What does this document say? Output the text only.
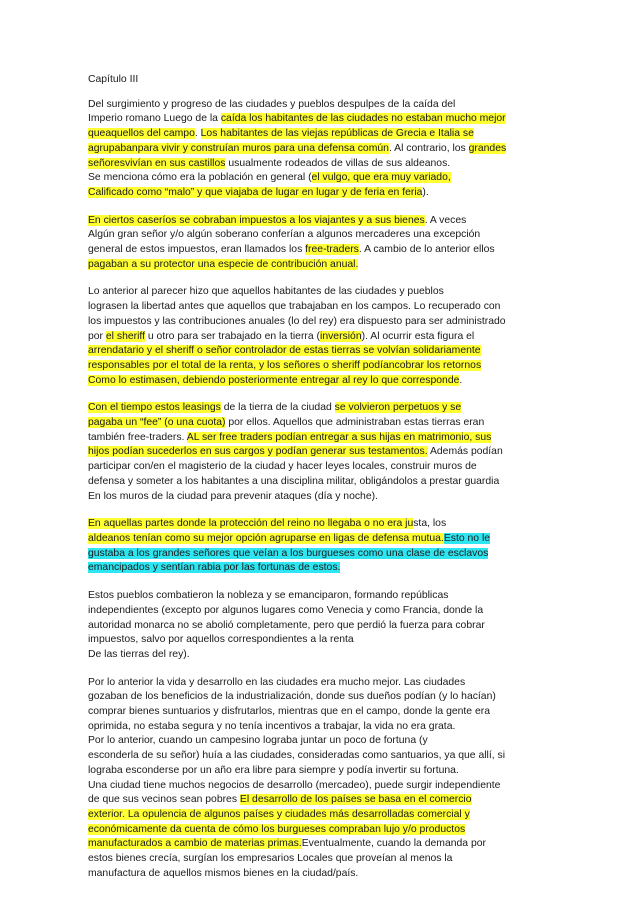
Capítulo III
Del surgimiento y progreso de las ciudades y pueblos despulpes de la caída del
Imperio romano Luego de la caída los habitantes de las ciudades no estaban mucho mejor
queaquellos del campo. Los habitantes de las viejas repúblicas de Grecia e Italia se
agrupabanpara vivir y construían muros para una defensa común. Al contrario, los grandes
señoresvivían en sus castillos usualmente rodeados de villas de sus aldeanos.
Se menciona cómo era la población en general (el vulgo, que era muy variado,
Calificado como “malo” y que viajaba de lugar en lugar y de feria en feria).
En ciertos caseríos se cobraban impuestos a los viajantes y a sus bienes. A veces
Algún gran señor y/o algún soberano conferían a algunos mercaderes una excepción
general de estos impuestos, eran llamados los free-traders. A cambio de lo anterior ellos
pagaban a su protector una especie de contribución anual.
Lo anterior al parecer hizo que aquellos habitantes de las ciudades y pueblos
lograsen la libertad antes que aquellos que trabajaban en los campos. Lo recuperado con
los impuestos y las contribuciones anuales (lo del rey) era dispuesto para ser administrado
por el sheriff u otro para ser trabajado en la tierra (inversión). Al ocurrir esta figura el
arrendatario y el sheriff o señor controlador de estas tierras se volvían solidariamente
responsables por el total de la renta, y los señores o sheriff podíancobrar los retornos
Como lo estimasen, debiendo posteriormente entregar al rey lo que corresponde.
Con el tiempo estos leasings de la tierra de la ciudad se volvieron perpetuos y se
pagaba un “fee” (o una cuota) por ellos. Aquellos que administraban estas tierras eran
también free-traders. AL ser free traders podían entregar a sus hijas en matrimonio, sus
hijos podían sucederlos en sus cargos y podían generar sus testamentos. Además podían
participar con/en el magisterio de la ciudad y hacer leyes locales, construir muros de
defensa y someter a los habitantes a una disciplina militar, obligándolos a prestar guardia
En los muros de la ciudad para prevenir ataques (día y noche).
En aquellas partes donde la protección del reino no llegaba o no era justa, los
aldeanos tenían como su mejor opción agruparse en ligas de defensa mutua.Esto no le
gustaba a los grandes señores que veían a los burgueses como una clase de esclavos
emancipados y sentían rabia por las fortunas de estos.
Estos pueblos combatieron la nobleza y se emanciparon, formando repúblicas
independientes (excepto por algunos lugares como Venecia y como Francia, donde la
autoridad monarca no se abolió completamente, pero que perdió la fuerza para cobrar
impuestos, salvo por aquellos correspondientes a la renta
De las tierras del rey).
Por lo anterior la vida y desarrollo en las ciudades era mucho mejor. Las ciudades
gozaban de los beneficios de la industrialización, donde sus dueños podían (y lo hacían)
comprar bienes suntuarios y disfrutarlos, mientras que en el campo, donde la gente era
oprimida, no estaba segura y no tenía incentivos a trabajar, la vida no era grata.
Por lo anterior, cuando un campesino lograba juntar un poco de fortuna (y
esconderla de su señor) huía a las ciudades, consideradas como santuarios, ya que allí, si
lograba esconderse por un año era libre para siempre y podía invertir su fortuna.
Una ciudad tiene muchos negocios de desarrollo (mercadeo), puede surgir independiente
de que sus vecinos sean pobres El desarrollo de los países se basa en el comercio
exterior. La opulencia de algunos países y ciudades más desarrolladas comercial y
económicamente da cuenta de cómo los burgueses compraban lujo y/o productos
manufacturados a cambio de materias primas.Eventualmente, cuando la demanda por
estos bienes crecía, surgían los empresarios Locales que proveían al menos la
manufactura de aquellos mismos bienes en la ciudad/país.
